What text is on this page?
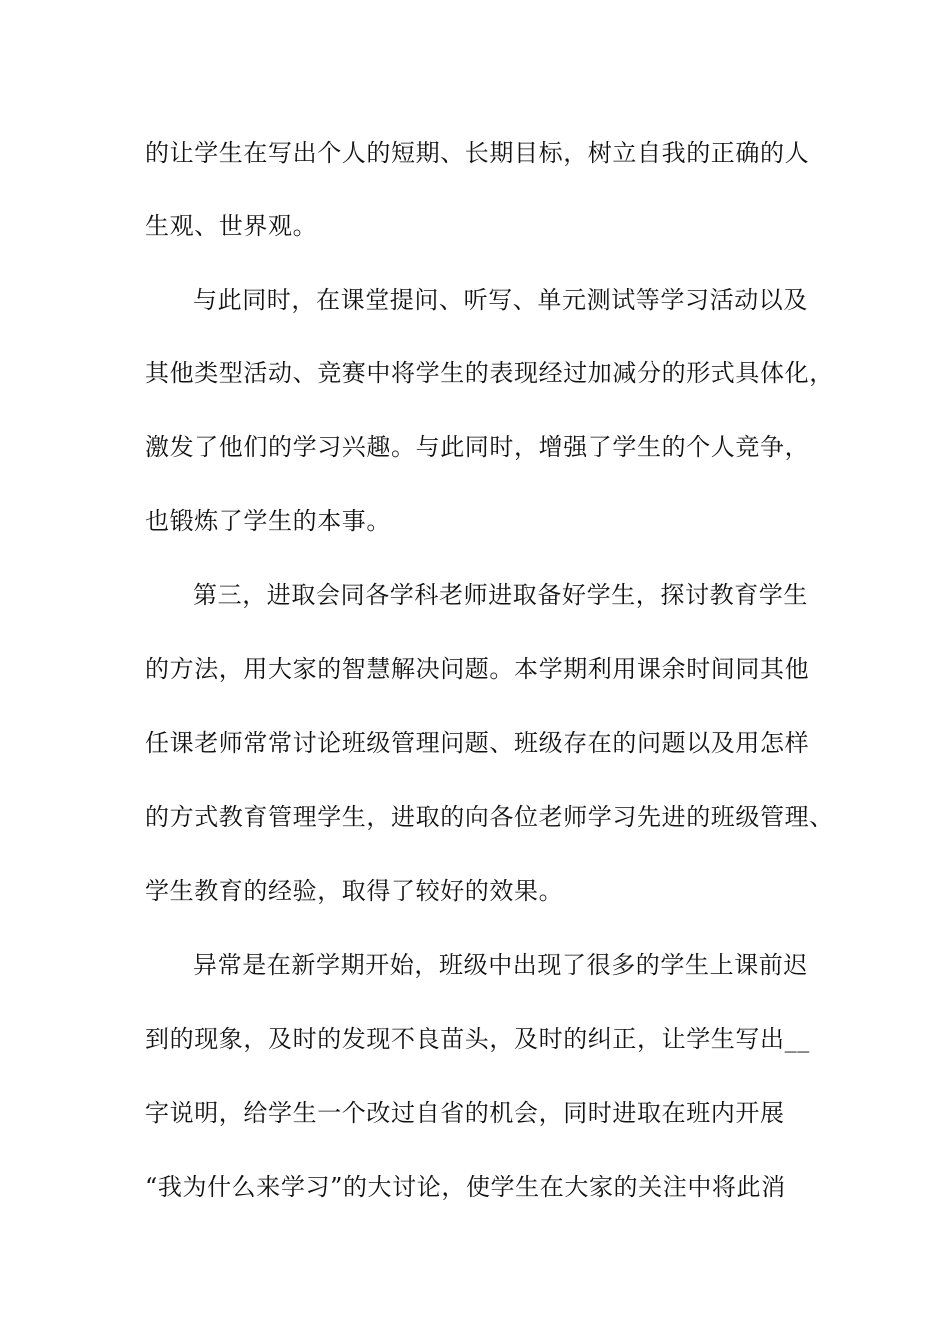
的让学生在写出个人的短期、长期目标，树立自我的正确的人

生观、世界观。

与此同时，在课堂提问、听写、单元测试等学习活动以及

其他类型活动、竞赛中将学生的表现经过加减分的形式具体化，

激发了他们的学习兴趣。与此同时，增强了学生的个人竞争，

也锻炼了学生的本事。

第三，进取会同各学科老师进取备好学生，探讨教育学生

的方法，用大家的智慧解决问题。本学期利用课余时间同其他

任课老师常常讨论班级管理问题、班级存在的问题以及用怎样

的方式教育管理学生，进取的向各位老师学习先进的班级管理、

学生教育的经验，取得了较好的效果。

异常是在新学期开始，班级中出现了很多的学生上课前迟

到的现象，及时的发现不良苗头，及时的纠正，让学生写出__

字说明，给学生一个改过自省的机会，同时进取在班内开展

“我为什么来学习”的大讨论，使学生在大家的关注中将此消
